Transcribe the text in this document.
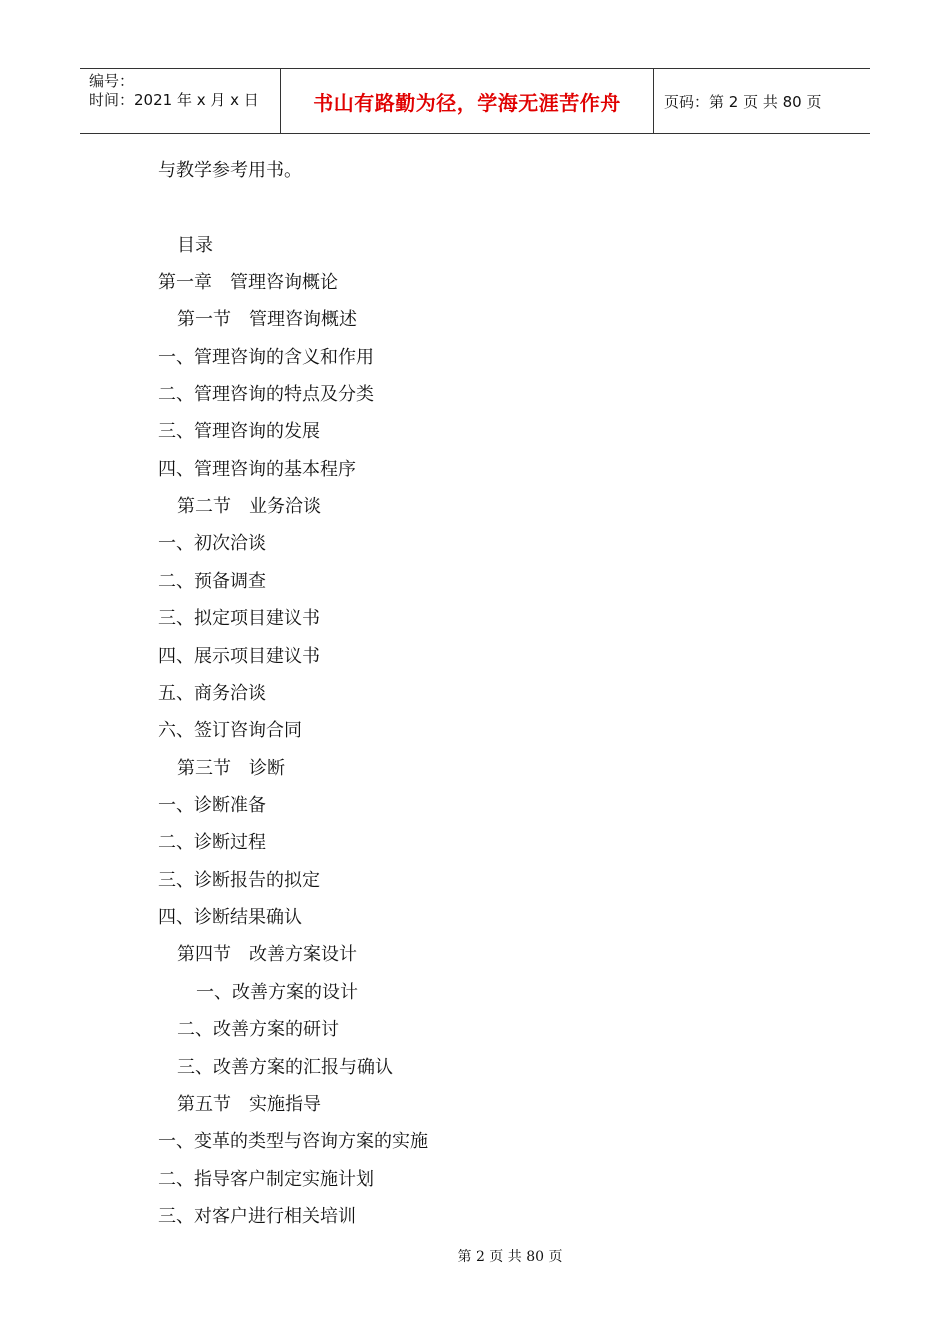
编号：
时间：2021 年 x 月 x 日	书山有路勤为径，学海无涯苦作舟	页码：第 2 页 共 80 页
与教学参考用书。
目录
第一章　管理咨询概论
第一节　管理咨询概述
一、管理咨询的含义和作用
二、管理咨询的特点及分类
三、管理咨询的发展
四、管理咨询的基本程序
第二节　业务洽谈
一、初次洽谈
二、预备调查
三、拟定项目建议书
四、展示项目建议书
五、商务洽谈
六、签订咨询合同
第三节　诊断
一、诊断准备
二、诊断过程
三、诊断报告的拟定
四、诊断结果确认
第四节　改善方案设计
一、改善方案的设计
二、改善方案的研讨
三、改善方案的汇报与确认
第五节　实施指导
一、变革的类型与咨询方案的实施
二、指导客户制定实施计划
三、对客户进行相关培训
第 2 页 共 80 页
